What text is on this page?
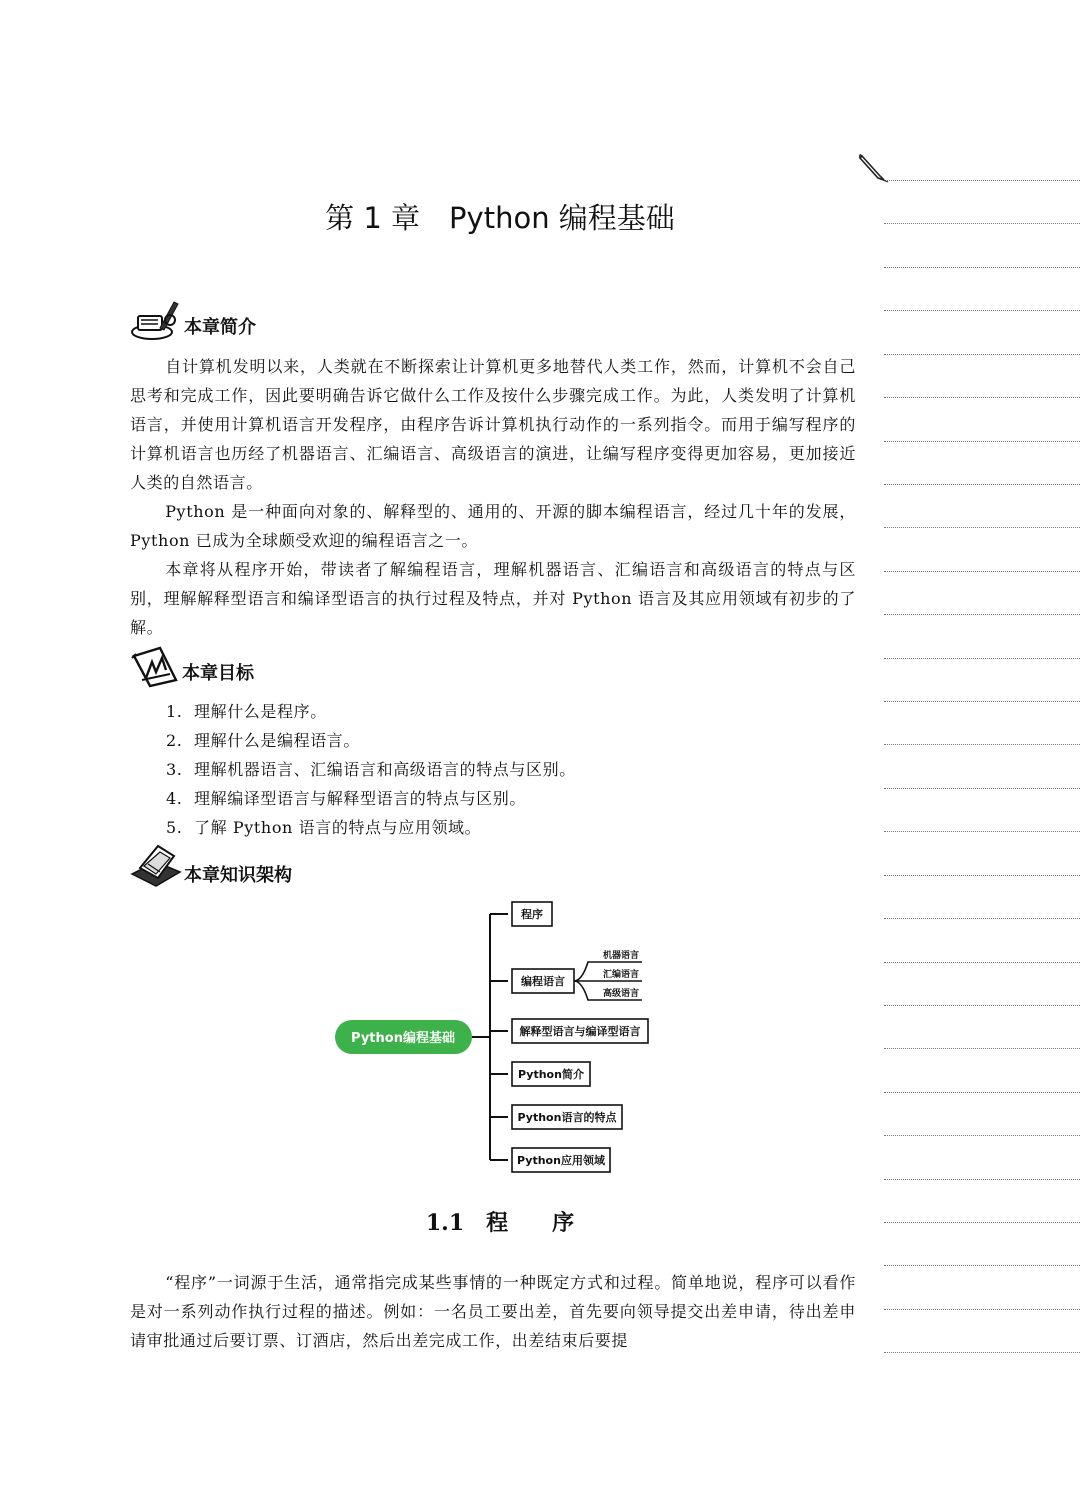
第 1 章　Python 编程基础
本章简介

自计算机发明以来，人类就在不断探索让计算机更多地替代人类工作，然而，计算机不会自己思考和完成工作，因此要明确告诉它做什么工作及按什么步骤完成工作。为此，人类发明了计算机语言，并使用计算机语言开发程序，由程序告诉计算机执行动作的一系列指令。而用于编写程序的计算机语言也历经了机器语言、汇编语言、高级语言的演进，让编写程序变得更加容易，更加接近人类的自然语言。

Python 是一种面向对象的、解释型的、通用的、开源的脚本编程语言，经过几十年的发展，Python 已成为全球颇受欢迎的编程语言之一。

本章将从程序开始，带读者了解编程语言，理解机器语言、汇编语言和高级语言的特点与区别，理解解释型语言和编译型语言的执行过程及特点，并对 Python 语言及其应用领域有初步的了解。

本章目标
1. 理解什么是程序。
2. 理解什么是编程语言。
3. 理解机器语言、汇编语言和高级语言的特点与区别。
4. 理解编译型语言与解释型语言的特点与区别。
5. 了解 Python 语言的特点与应用领域。
本章知识架构
Python编程基础
程序
编程语言
解释型语言与编译型语言
Python简介
Python语言的特点
Python应用领域
机器语言
汇编语言
高级语言
1.1　程　　序

“程序”一词源于生活，通常指完成某些事情的一种既定方式和过程。简单地说，程序可以看作是对一系列动作执行过程的描述。例如：一名员工要出差，首先要向领导提交出差申请，待出差申请审批通过后要订票、订酒店，然后出差完成工作，出差结束后要提
